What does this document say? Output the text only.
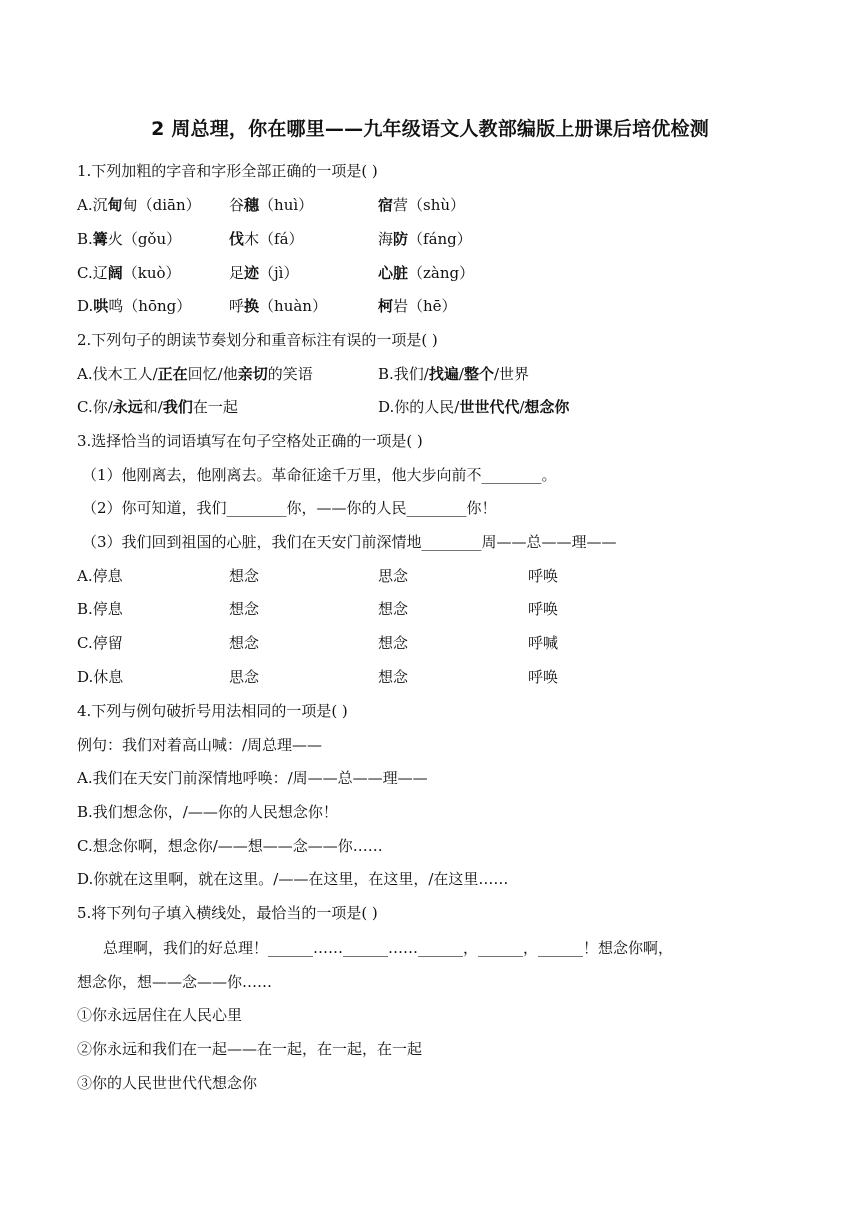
2 周总理，你在哪里——九年级语文人教部编版上册课后培优检测
1.下列加粗的字音和字形全部正确的一项是( )
A.沉甸甸（diān） 谷穗（huì）	宿营（shù）
B.篝火（gǒu）	伐木（fá）	海防（fáng）
C.辽阔（kuò）	足迹（jì）	心脏（zàng）
D.哄鸣（hōng）	呼换（huàn）	柯岩（hē）
2.下列句子的朗读节奏划分和重音标注有误的一项是( )
A.伐木工人/正在回忆/他亲切的笑语	B.我们/找遍/整个/世界
C.你/永远和/我们在一起	D.你的人民/世世代代/想念你
3.选择恰当的词语填写在句子空格处正确的一项是( )
（1）他刚离去，他刚离去。革命征途千万里，他大步向前不________。
（2）你可知道，我们________你，——你的人民________你！
（3）我们回到祖国的心脏，我们在天安门前深情地________周——总——理——
A.停息	想念	思念	呼唤
B.停息	想念	想念	呼唤
C.停留	想念	想念	呼喊
D.休息	思念	想念	呼唤
4.下列与例句破折号用法相同的一项是( )
例句：我们对着高山喊：/周总理——
A.我们在天安门前深情地呼唤：/周——总——理——
B.我们想念你，/——你的人民想念你！
C.想念你啊，想念你/——想——念——你……
D.你就在这里啊，就在这里。/——在这里，在这里，/在这里……
5.将下列句子填入横线处，最恰当的一项是( )
总理啊，我们的好总理！______……______……______，______，______！想念你啊，
想念你，想——念——你……
①你永远居住在人民心里
②你永远和我们在一起——在一起，在一起，在一起
③你的人民世世代代想念你
